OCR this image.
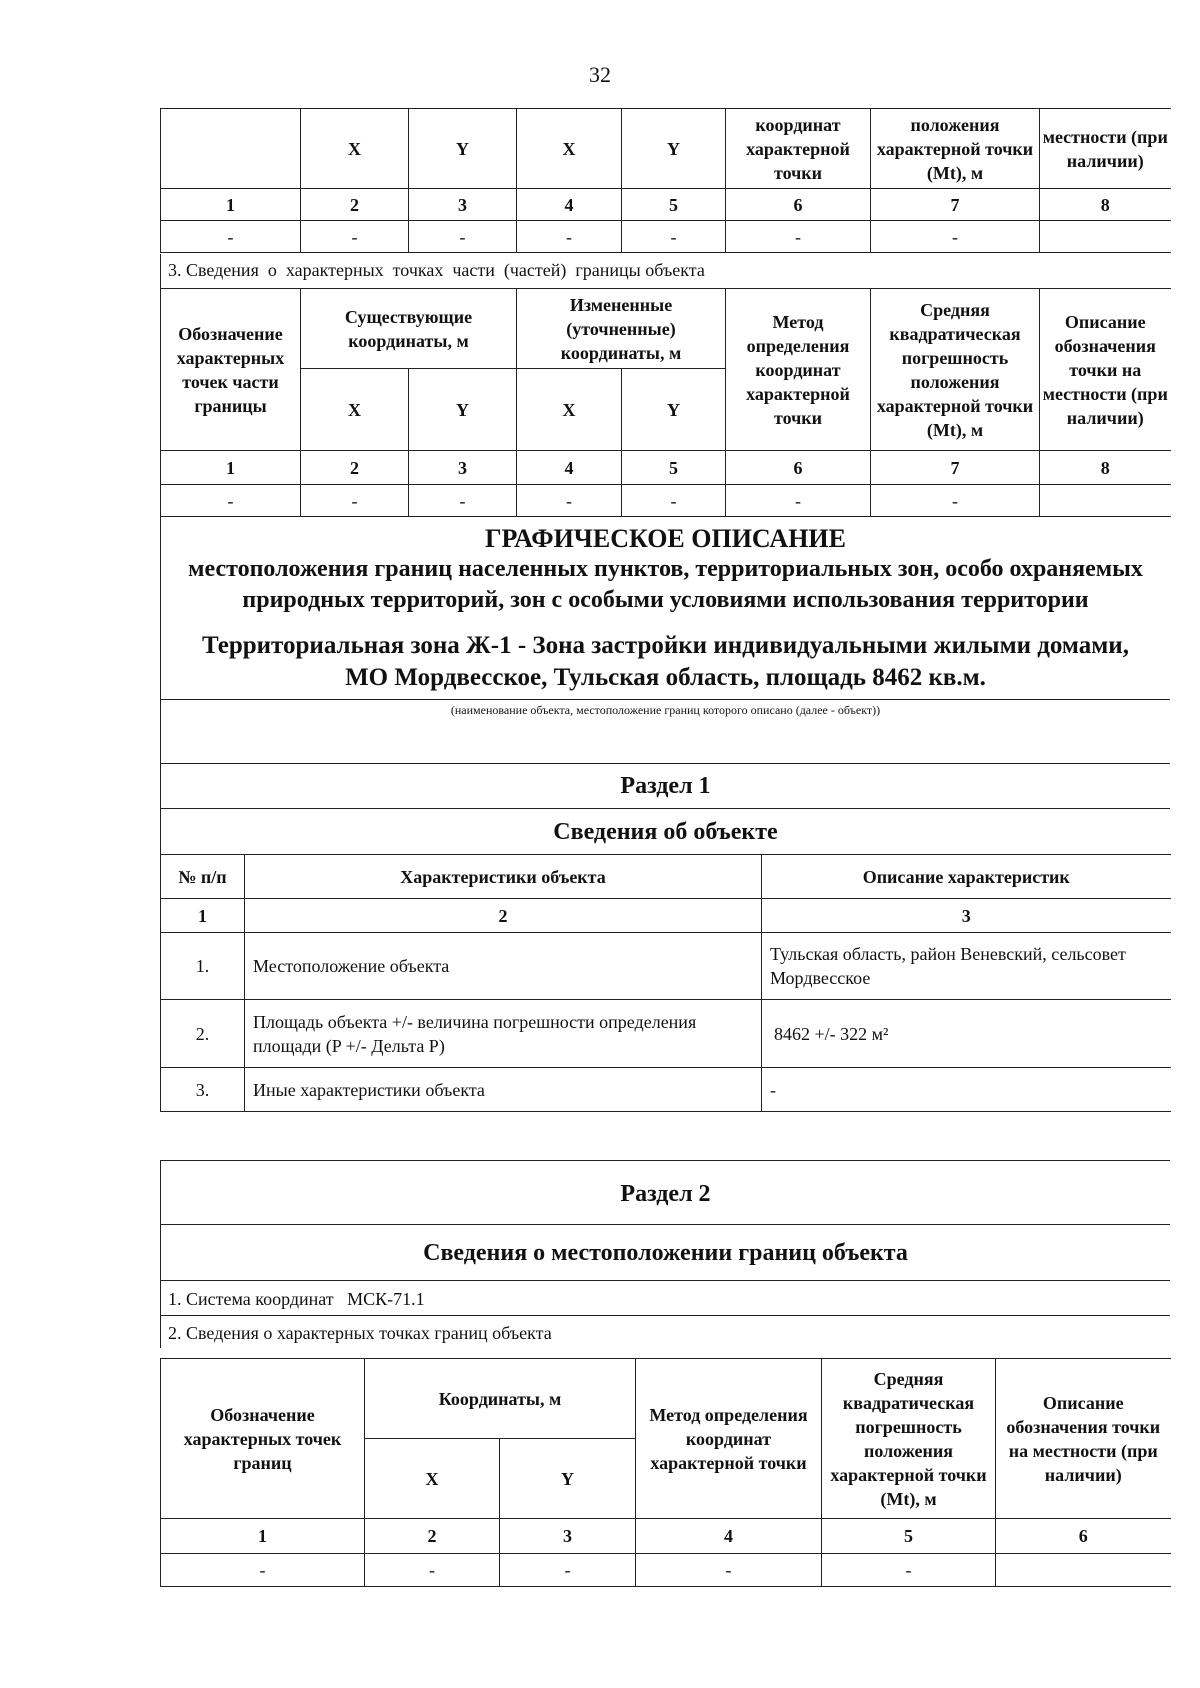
32
	X	Y	X	Y	координат характерной точки	положения характерной точки (Mt), м	местности (при наличии)
1	2	3	4	5	6	7	8
-	-	-	-	-	-	-	
3. Сведения  о  характерных  точках  части  (частей)  границы объекта
Обозначение характерных точек части границы	Существующие координаты, м		Измененные (уточненные) координаты, м		Метод определения координат характерной точки	Средняя квадратическая погрешность положения характерной точки (Mt), м	Описание обозначения точки на местности (при наличии)
	X	Y	X	Y			
1	2	3	4	5	6	7	8
-	-	-	-	-	-	-	
ГРАФИЧЕСКОЕ ОПИСАНИЕ
местоположения границ населенных пунктов, территориальных зон, особо охраняемых природных территорий, зон с особыми условиями использования территории
Территориальная зона Ж-1 - Зона застройки индивидуальными жилыми домами, МО Мордвесское, Тульская область, площадь 8462 кв.м.
(наименование объекта, местоположение границ которого описано (далее - объект))
Раздел 1
Сведения об объекте
№ п/п	Характеристики объекта	Описание характеристик
1	2	3
1.	Местоположение объекта	Тульская область, район Веневский, сельсовет Мордвесское
2.	Площадь объекта +/- величина погрешности определения площади (P +/- Дельта P)	8462 +/- 322 м²
3.	Иные характеристики объекта	-
Раздел 2
Сведения о местоположении границ объекта
1. Система координат   МСК-71.1
2. Сведения о характерных точках границ объекта
Обозначение характерных точек границ	Координаты, м		Метод определения координат характерной точки	Средняя квадратическая погрешность положения характерной точки (Mt), м	Описание обозначения точки на местности (при наличии)
	X	Y			
1	2	3	4	5	6
-	-	-	-	-	
